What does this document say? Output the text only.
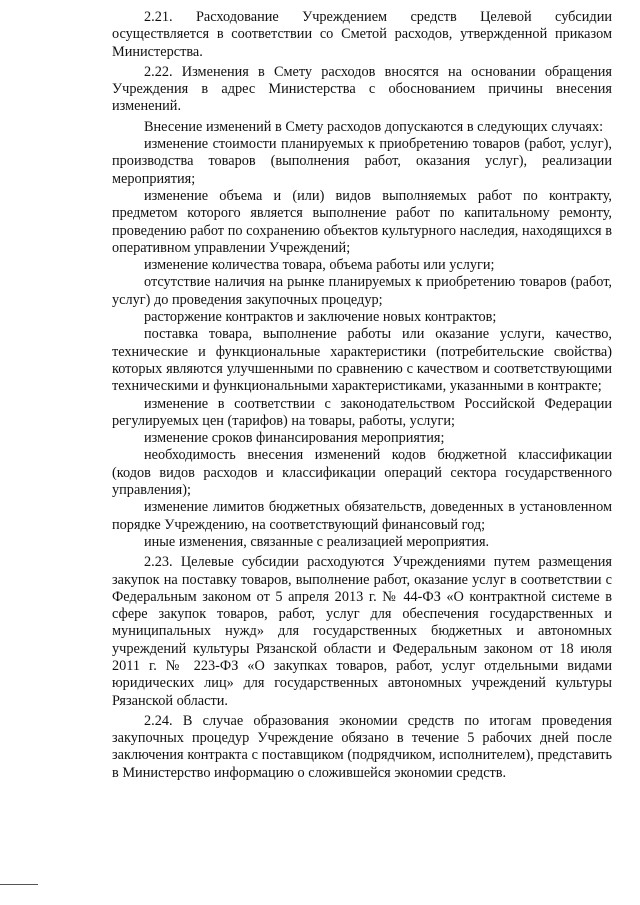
2.21. Расходование Учреждением средств Целевой субсидии осуществляется в соответствии со Сметой расходов, утвержденной приказом Министерства.

2.22. Изменения в Смету расходов вносятся на основании обращения Учреждения в адрес Министерства с обоснованием причины внесения изменений.

Внесение изменений в Смету расходов допускаются в следующих случаях:

изменение стоимости планируемых к приобретению товаров (работ, услуг), производства товаров (выполнения работ, оказания услуг), реализации мероприятия;

изменение объема и (или) видов выполняемых работ по контракту, предметом которого является выполнение работ по капитальному ремонту, проведению работ по сохранению объектов культурного наследия, находящихся в оперативном управлении Учреждений;

изменение количества товара, объема работы или услуги;

отсутствие наличия на рынке планируемых к приобретению товаров (работ, услуг) до проведения закупочных процедур;

расторжение контрактов и заключение новых контрактов;

поставка товара, выполнение работы или оказание услуги, качество, технические и функциональные характеристики (потребительские свойства) которых являются улучшенными по сравнению с качеством и соответствующими техническими и функциональными характеристиками, указанными в контракте;

изменение в соответствии с законодательством Российской Федерации регулируемых цен (тарифов) на товары, работы, услуги;

изменение сроков финансирования мероприятия;

необходимость внесения изменений кодов бюджетной классификации (кодов видов расходов и классификации операций сектора государственного управления);

изменение лимитов бюджетных обязательств, доведенных в установленном порядке Учреждению, на соответствующий финансовый год;

иные изменения, связанные с реализацией мероприятия.

2.23. Целевые субсидии расходуются Учреждениями путем размещения закупок на поставку товаров, выполнение работ, оказание услуг в соответствии с Федеральным законом от 5 апреля 2013 г. № 44-ФЗ «О контрактной системе в сфере закупок товаров, работ, услуг для обеспечения государственных и муниципальных нужд» для государственных бюджетных и автономных учреждений культуры Рязанской области и Федеральным законом от 18 июля 2011 г. № 223-ФЗ «О закупках товаров, работ, услуг отдельными видами юридических лиц» для государственных автономных учреждений культуры Рязанской области.

2.24. В случае образования экономии средств по итогам проведения закупочных процедур Учреждение обязано в течение 5 рабочих дней после заключения контракта с поставщиком (подрядчиком, исполнителем), представить в Министерство информацию о сложившейся экономии средств.
